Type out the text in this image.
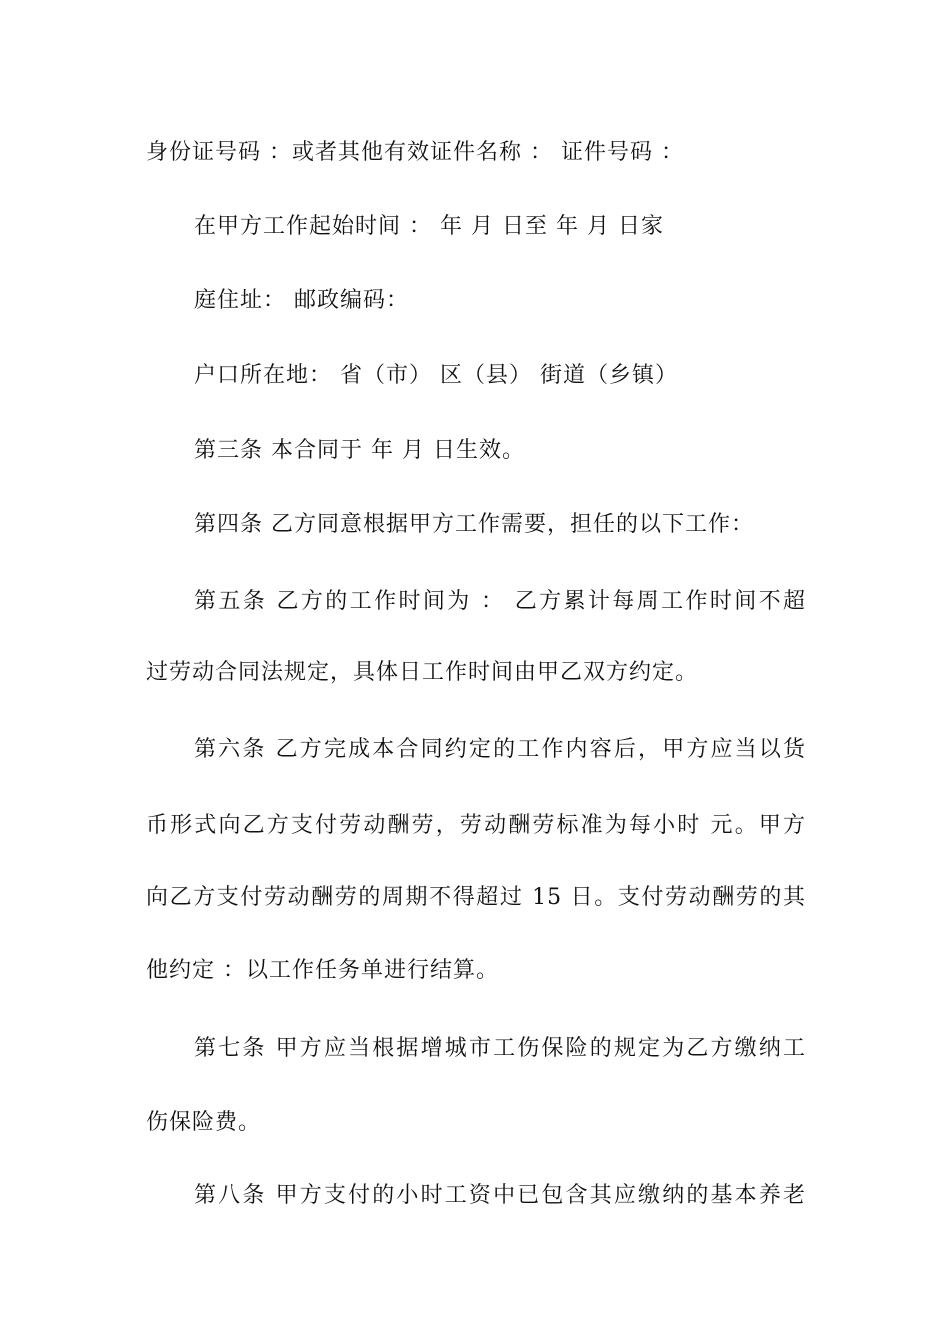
身份证号码 ：或者其他有效证件名称 ： 证件号码 ：
在甲方工作起始时间 ： 年 月 日至 年 月 日家
庭住址： 邮政编码：
户口所在地： 省（市） 区（县） 街道（乡镇）
第三条 本合同于 年 月 日生效。
第四条 乙方同意根据甲方工作需要，担任的以下工作：
第五条 乙方的工作时间为 ： 乙方累计每周工作时间不超
过劳动合同法规定，具体日工作时间由甲乙双方约定。
第六条 乙方完成本合同约定的工作内容后，甲方应当以货
币形式向乙方支付劳动酬劳，劳动酬劳标准为每小时 元。甲方
向乙方支付劳动酬劳的周期不得超过 15 日。支付劳动酬劳的其
他约定 ：以工作任务单进行结算。
第七条 甲方应当根据增城市工伤保险的规定为乙方缴纳工
伤保险费。
第八条 甲方支付的小时工资中已包含其应缴纳的基本养老
